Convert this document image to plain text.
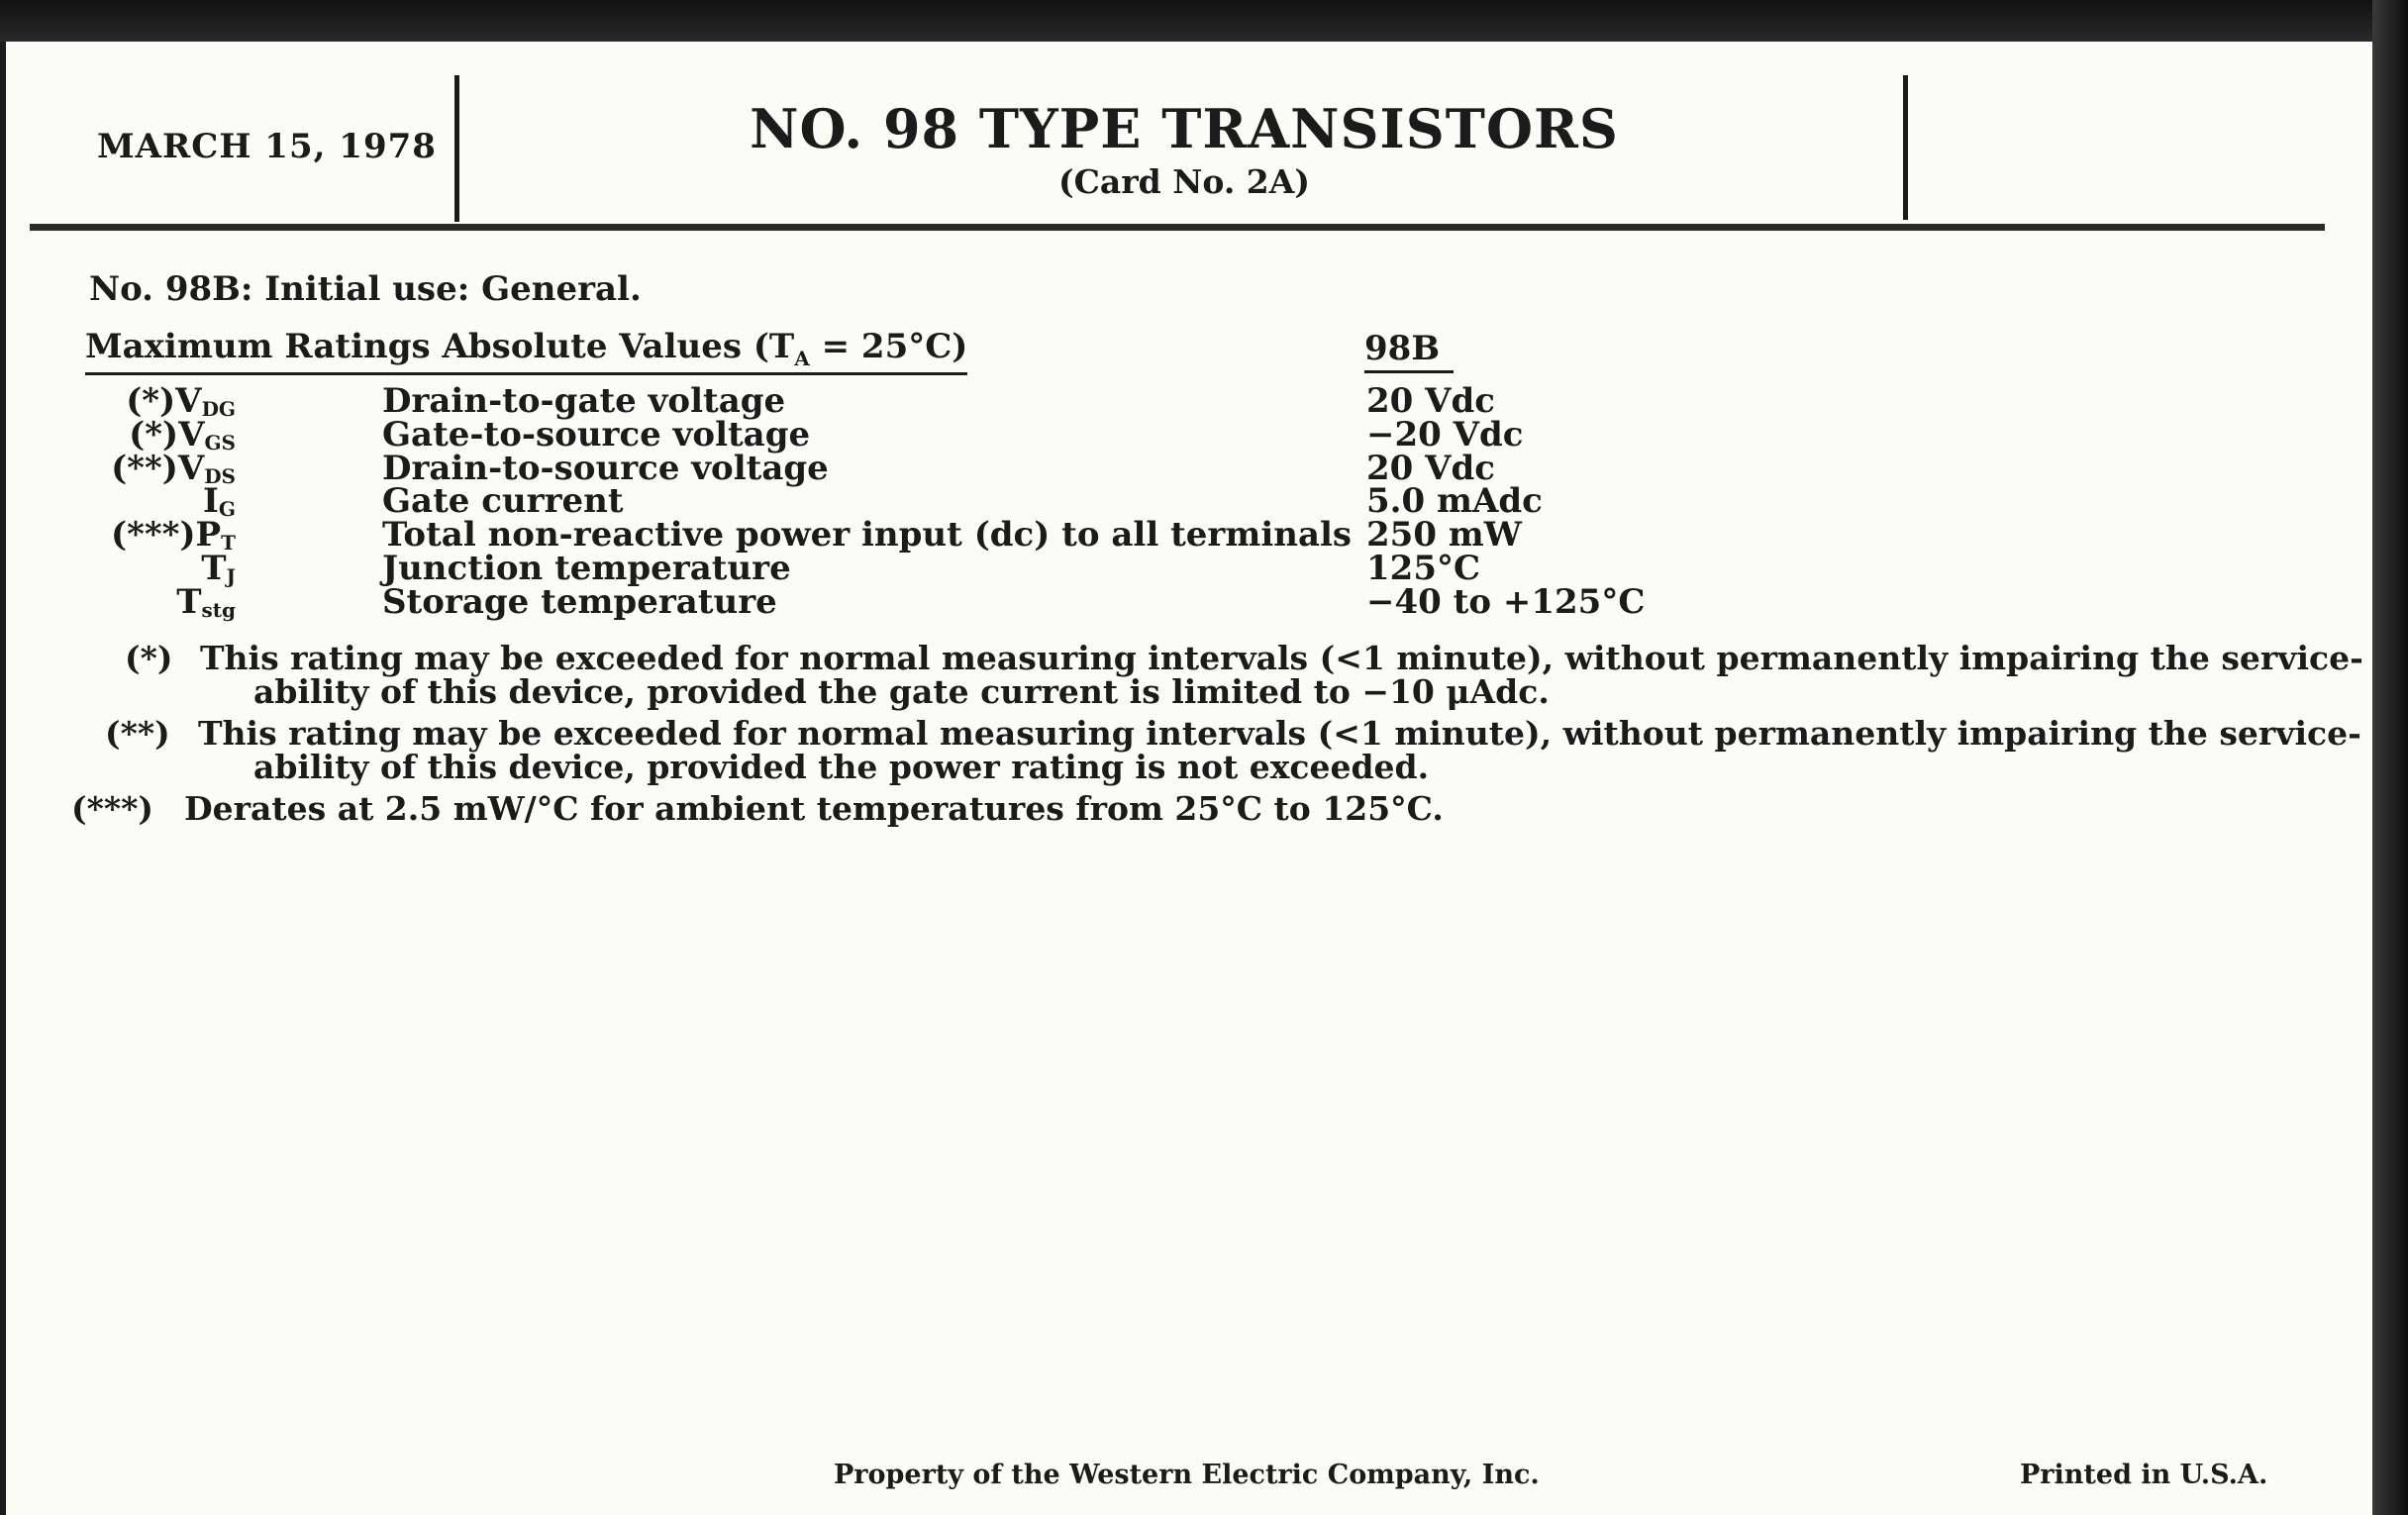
MARCH 15, 1978	NO. 98 TYPE TRANSISTORS
(Card No. 2A)
No. 98B: Initial use: General.
Maximum Ratings Absolute Values $(T_A = 25^\circ C)$	98B
$(*)V_{DG}$	Drain-to-gate voltage	20 Vdc
$(*)V_{GS}$	Gate-to-source voltage	−20 Vdc
$(**)V_{DS}$	Drain-to-source voltage	20 Vdc
$I_G$	Gate current	5.0 mAdc
$(***)P_T$	Total non-reactive power input (dc) to all terminals 250 mW
$T_J$	Junction temperature	125°C
$T_{stg}$	Storage temperature	−40 to +125°C
(*) This rating may be exceeded for normal measuring intervals (<1 minute), without permanently impairing the service-
ability of this device, provided the gate current is limited to −10 μAdc.
(**) This rating may be exceeded for normal measuring intervals (<1 minute), without permanently impairing the service-
ability of this device, provided the power rating is not exceeded.
(***) Derates at 2.5 mW/°C for ambient temperatures from 25°C to 125°C.
Property of the Western Electric Company, Inc.	Printed in U.S.A.
